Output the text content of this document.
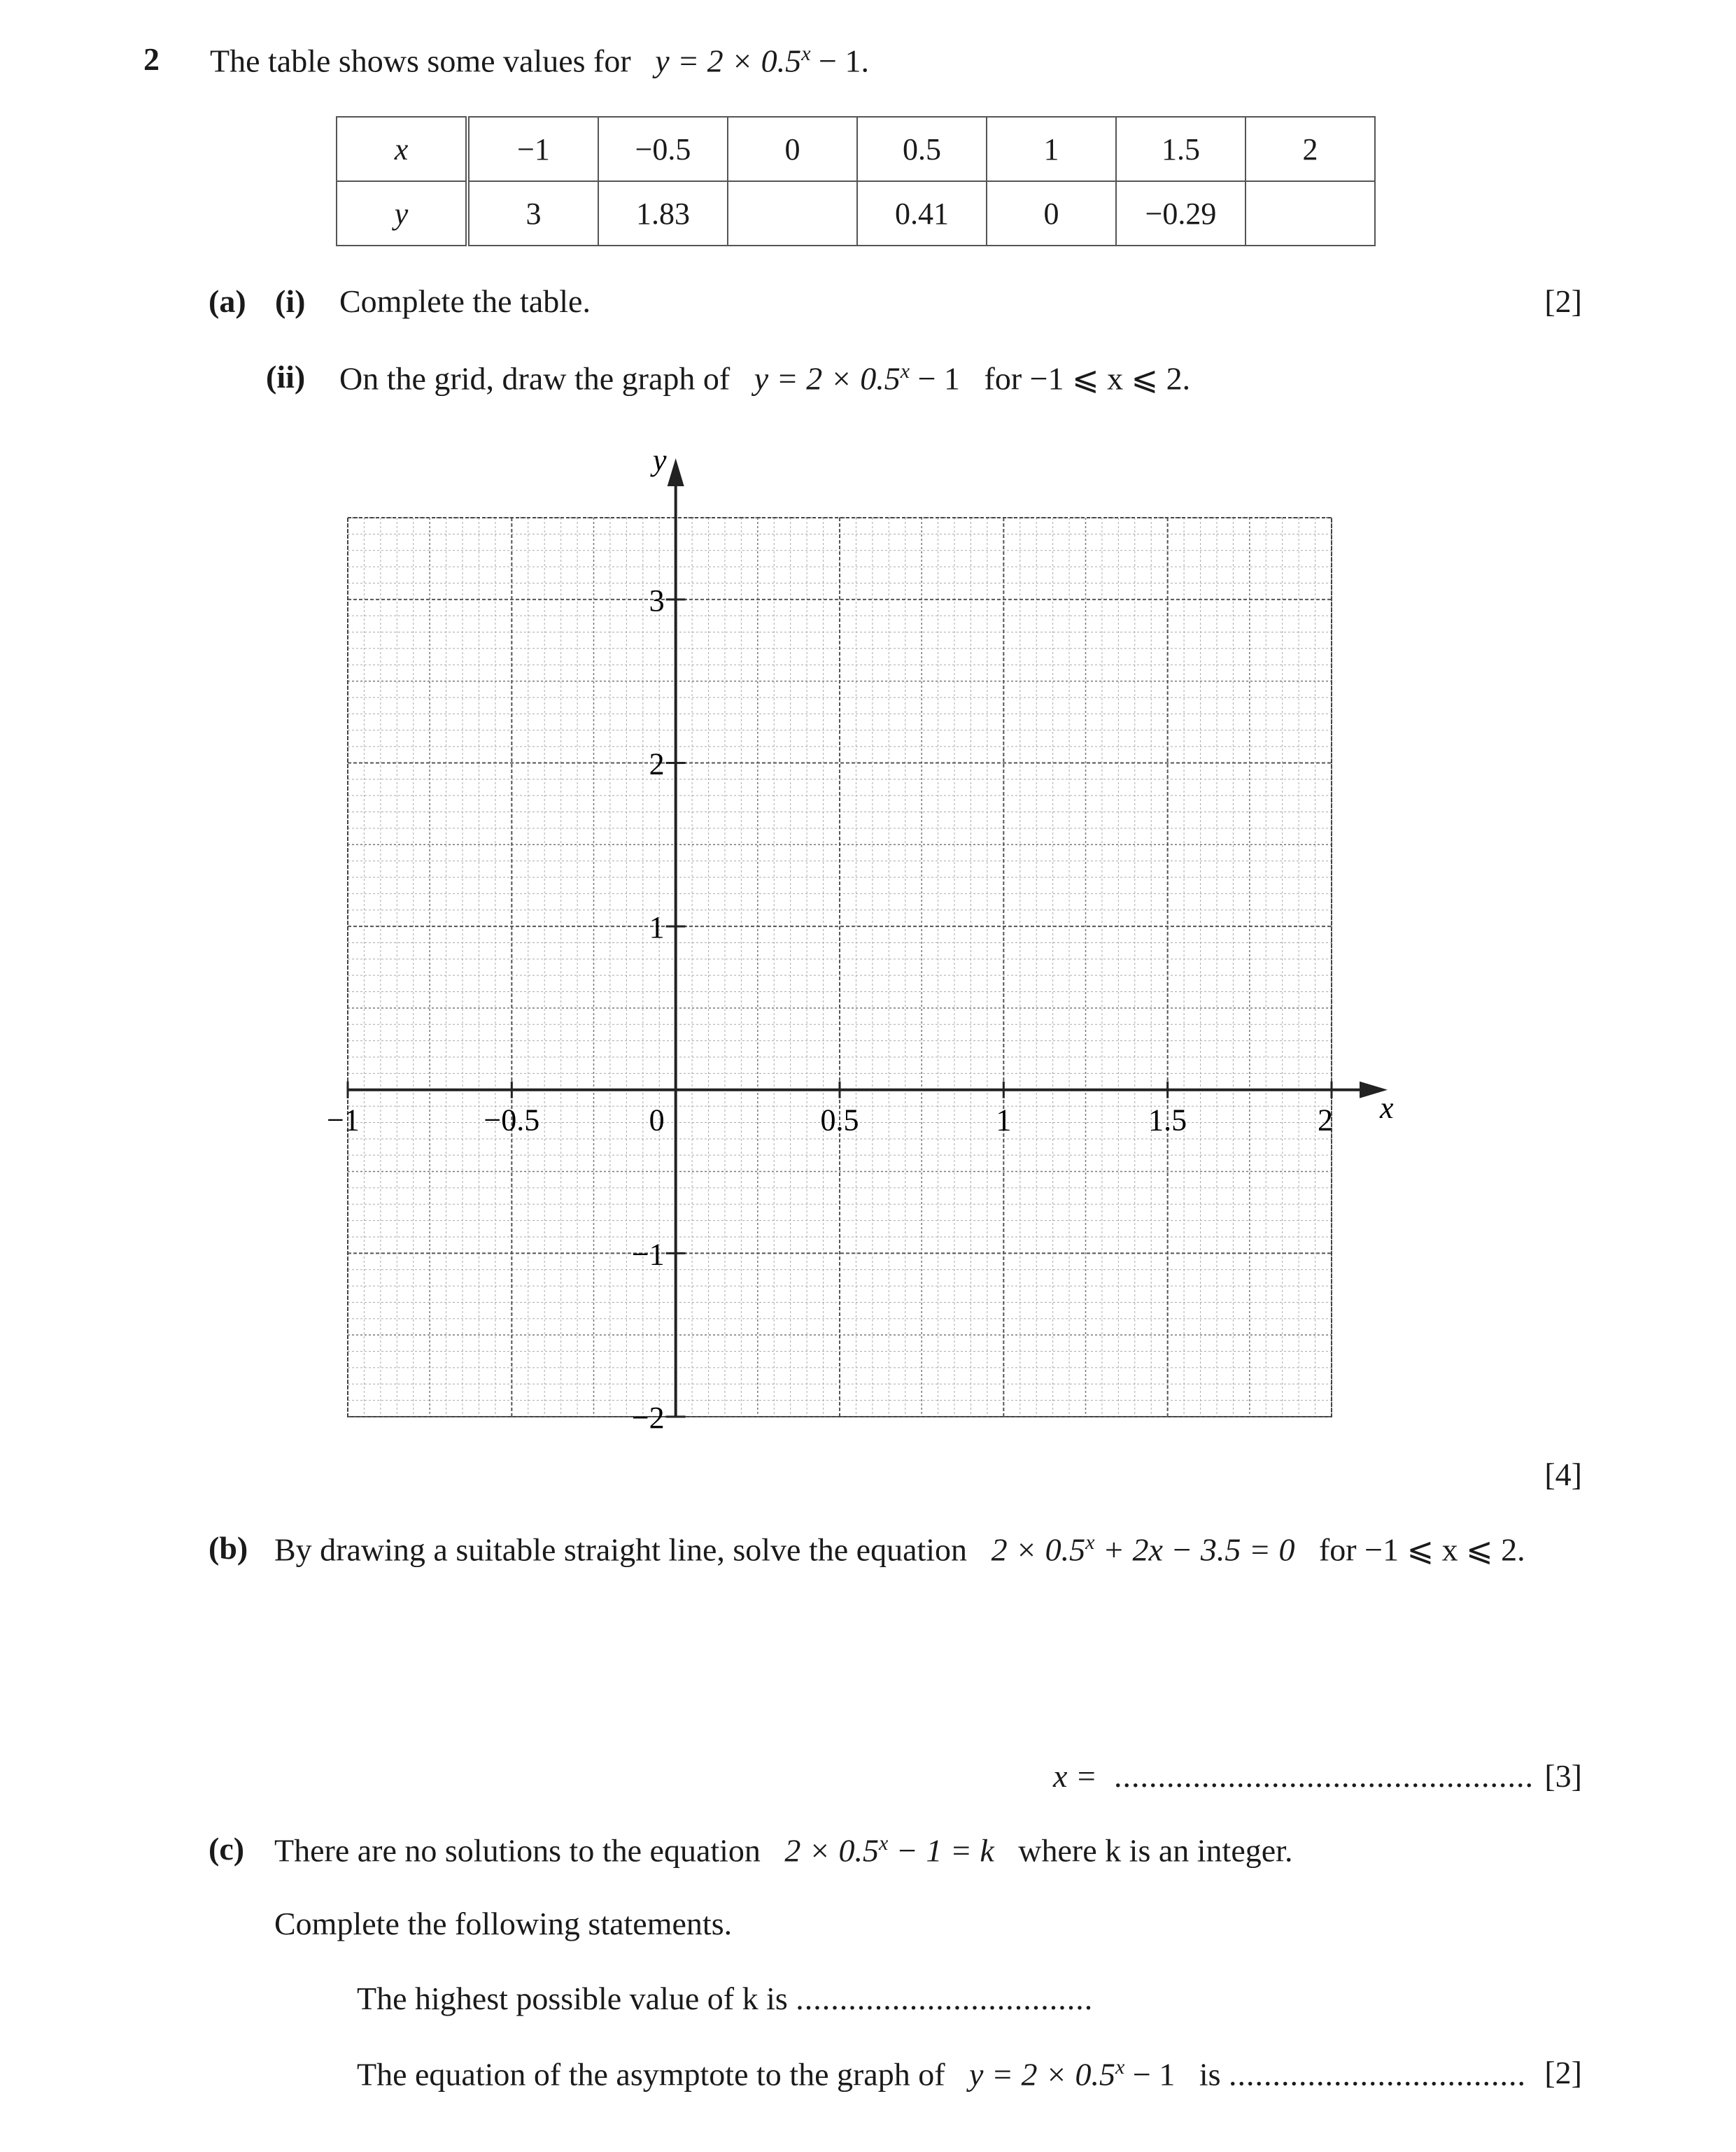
2 The table shows some values for $y = 2 \times 0.5^x - 1$.
x	−1	−0.5	0	0.5	1	1.5	2
y	3	1.83		0.41	0	−0.29	
(a) (i) Complete the table.	[2]
(ii) On the grid, draw the graph of $y = 2 \times 0.5^x - 1$ for −1 ⩽ x ⩽ 2.
−1	−0.5	0	0.5	1	1.5	2
3
2
1
−1
−2
x
y
[4]
(b) By drawing a suitable straight line, solve the equation $2 \times 0.5^x + 2x - 3.5 = 0$ for −1 ⩽ x ⩽ 2.
x = ................................................ [3]
(c) There are no solutions to the equation $2 \times 0.5^x - 1 = k$ where k is an integer.
Complete the following statements.
The highest possible value of k is ..................................
The equation of the asymptote to the graph of $y = 2 \times 0.5^x - 1$ is .................................. [2]
